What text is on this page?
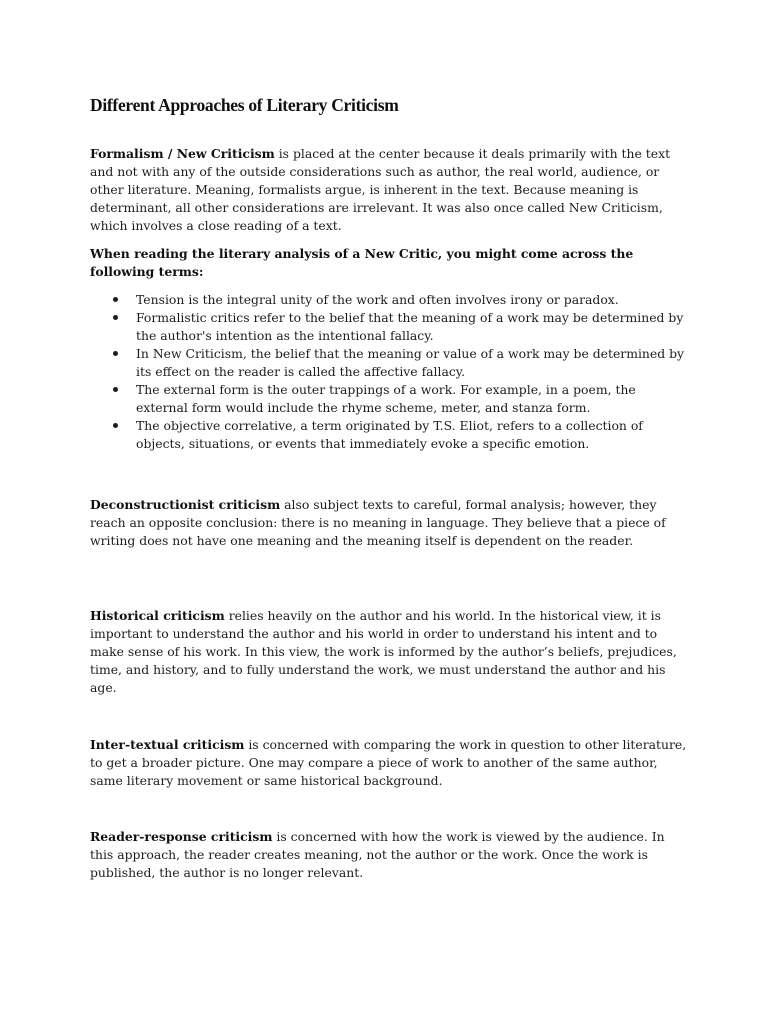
Different Approaches of Literary Criticism

Formalism / New Criticism is placed at the center because it deals primarily with the text and not with any of the outside considerations such as author, the real world, audience, or other literature. Meaning, formalists argue, is inherent in the text. Because meaning is determinant, all other considerations are irrelevant. It was also once called New Criticism, which involves a close reading of a text.

When reading the literary analysis of a New Critic, you might come across the following terms:

Tension is the integral unity of the work and often involves irony or paradox.
Formalistic critics refer to the belief that the meaning of a work may be determined by the author's intention as the intentional fallacy.
In New Criticism, the belief that the meaning or value of a work may be determined by its effect on the reader is called the affective fallacy.
The external form is the outer trappings of a work. For example, in a poem, the external form would include the rhyme scheme, meter, and stanza form.
The objective correlative, a term originated by T.S. Eliot, refers to a collection of objects, situations, or events that immediately evoke a specific emotion.

Deconstructionist criticism also subject texts to careful, formal analysis; however, they reach an opposite conclusion: there is no meaning in language. They believe that a piece of writing does not have one meaning and the meaning itself is dependent on the reader.

Historical criticism relies heavily on the author and his world. In the historical view, it is important to understand the author and his world in order to understand his intent and to make sense of his work. In this view, the work is informed by the author’s beliefs, prejudices, time, and history, and to fully understand the work, we must understand the author and his age.

Inter-textual criticism is concerned with comparing the work in question to other literature, to get a broader picture. One may compare a piece of work to another of the same author, same literary movement or same historical background.

Reader-response criticism is concerned with how the work is viewed by the audience. In this approach, the reader creates meaning, not the author or the work. Once the work is published, the author is no longer relevant.
